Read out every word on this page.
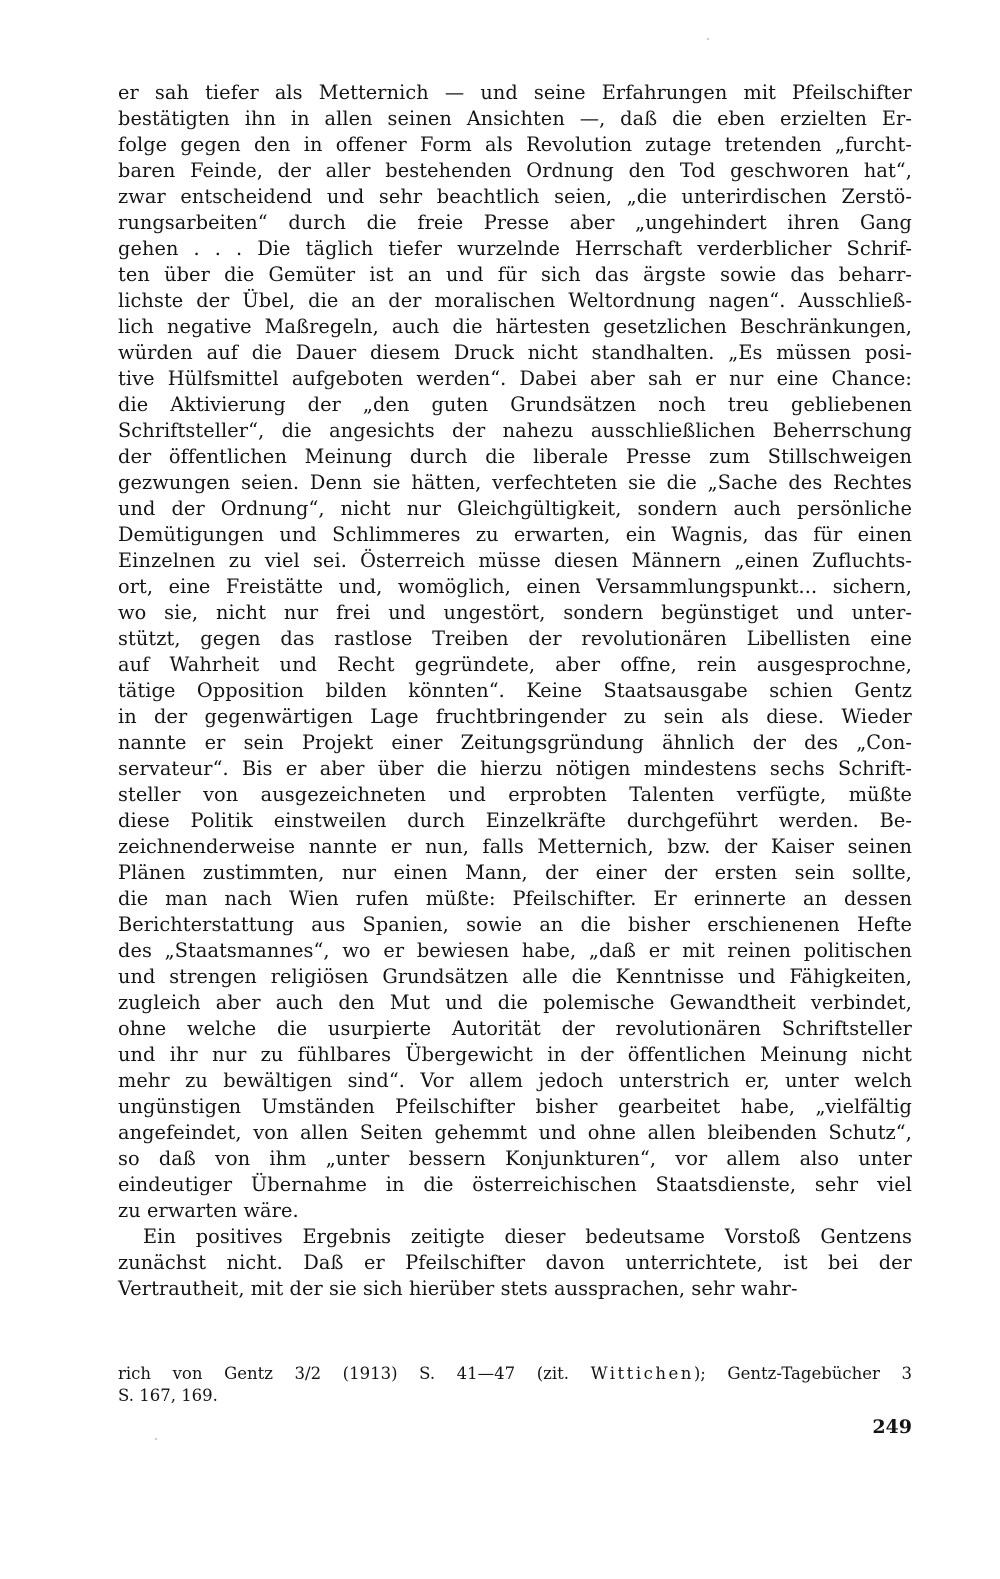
er sah tiefer als Metternich — und seine Erfahrungen mit Pfeilschifter
bestätigten ihn in allen seinen Ansichten —, daß die eben erzielten Er-
folge gegen den in offener Form als Revolution zutage tretenden „furcht-
baren Feinde, der aller bestehenden Ordnung den Tod geschworen hat“,
zwar entscheidend und sehr beachtlich seien, „die unterirdischen Zerstö-
rungsarbeiten“ durch die freie Presse aber „ungehindert ihren Gang
gehen . . . Die täglich tiefer wurzelnde Herrschaft verderblicher Schrif-
ten über die Gemüter ist an und für sich das ärgste sowie das beharr-
lichste der Übel, die an der moralischen Weltordnung nagen“. Ausschließ-
lich negative Maßregeln, auch die härtesten gesetzlichen Beschränkungen,
würden auf die Dauer diesem Druck nicht standhalten. „Es müssen posi-
tive Hülfsmittel aufgeboten werden“. Dabei aber sah er nur eine Chance:
die Aktivierung der „den guten Grundsätzen noch treu gebliebenen
Schriftsteller“, die angesichts der nahezu ausschließlichen Beherrschung
der öffentlichen Meinung durch die liberale Presse zum Stillschweigen
gezwungen seien. Denn sie hätten, verfechteten sie die „Sache des Rechtes
und der Ordnung“, nicht nur Gleichgültigkeit, sondern auch persönliche
Demütigungen und Schlimmeres zu erwarten, ein Wagnis, das für einen
Einzelnen zu viel sei. Österreich müsse diesen Männern „einen Zufluchts-
ort, eine Freistätte und, womöglich, einen Versammlungspunkt... sichern,
wo sie, nicht nur frei und ungestört, sondern begünstiget und unter-
stützt, gegen das rastlose Treiben der revolutionären Libellisten eine
auf Wahrheit und Recht gegründete, aber offne, rein ausgesprochne,
tätige Opposition bilden könnten“. Keine Staatsausgabe schien Gentz
in der gegenwärtigen Lage fruchtbringender zu sein als diese. Wieder
nannte er sein Projekt einer Zeitungsgründung ähnlich der des „Con-
servateur“. Bis er aber über die hierzu nötigen mindestens sechs Schrift-
steller von ausgezeichneten und erprobten Talenten verfügte, müßte
diese Politik einstweilen durch Einzelkräfte durchgeführt werden. Be-
zeichnenderweise nannte er nun, falls Metternich, bzw. der Kaiser seinen
Plänen zustimmten, nur einen Mann, der einer der ersten sein sollte,
die man nach Wien rufen müßte: Pfeilschifter. Er erinnerte an dessen
Berichterstattung aus Spanien, sowie an die bisher erschienenen Hefte
des „Staatsmannes“, wo er bewiesen habe, „daß er mit reinen politischen
und strengen religiösen Grundsätzen alle die Kenntnisse und Fähigkeiten,
zugleich aber auch den Mut und die polemische Gewandtheit verbindet,
ohne welche die usurpierte Autorität der revolutionären Schriftsteller
und ihr nur zu fühlbares Übergewicht in der öffentlichen Meinung nicht
mehr zu bewältigen sind“. Vor allem jedoch unterstrich er, unter welch
ungünstigen Umständen Pfeilschifter bisher gearbeitet habe, „vielfältig
angefeindet, von allen Seiten gehemmt und ohne allen bleibenden Schutz“,
so daß von ihm „unter bessern Konjunkturen“, vor allem also unter
eindeutiger Übernahme in die österreichischen Staatsdienste, sehr viel
zu erwarten wäre.
Ein positives Ergebnis zeitigte dieser bedeutsame Vorstoß Gentzens
zunächst nicht. Daß er Pfeilschifter davon unterrichtete, ist bei der
Vertrautheit, mit der sie sich hierüber stets aussprachen, sehr wahr-
rich von Gentz 3/2 (1913) S. 41—47 (zit. Wittichen); Gentz-Tagebücher 3
S. 167, 169.
249
